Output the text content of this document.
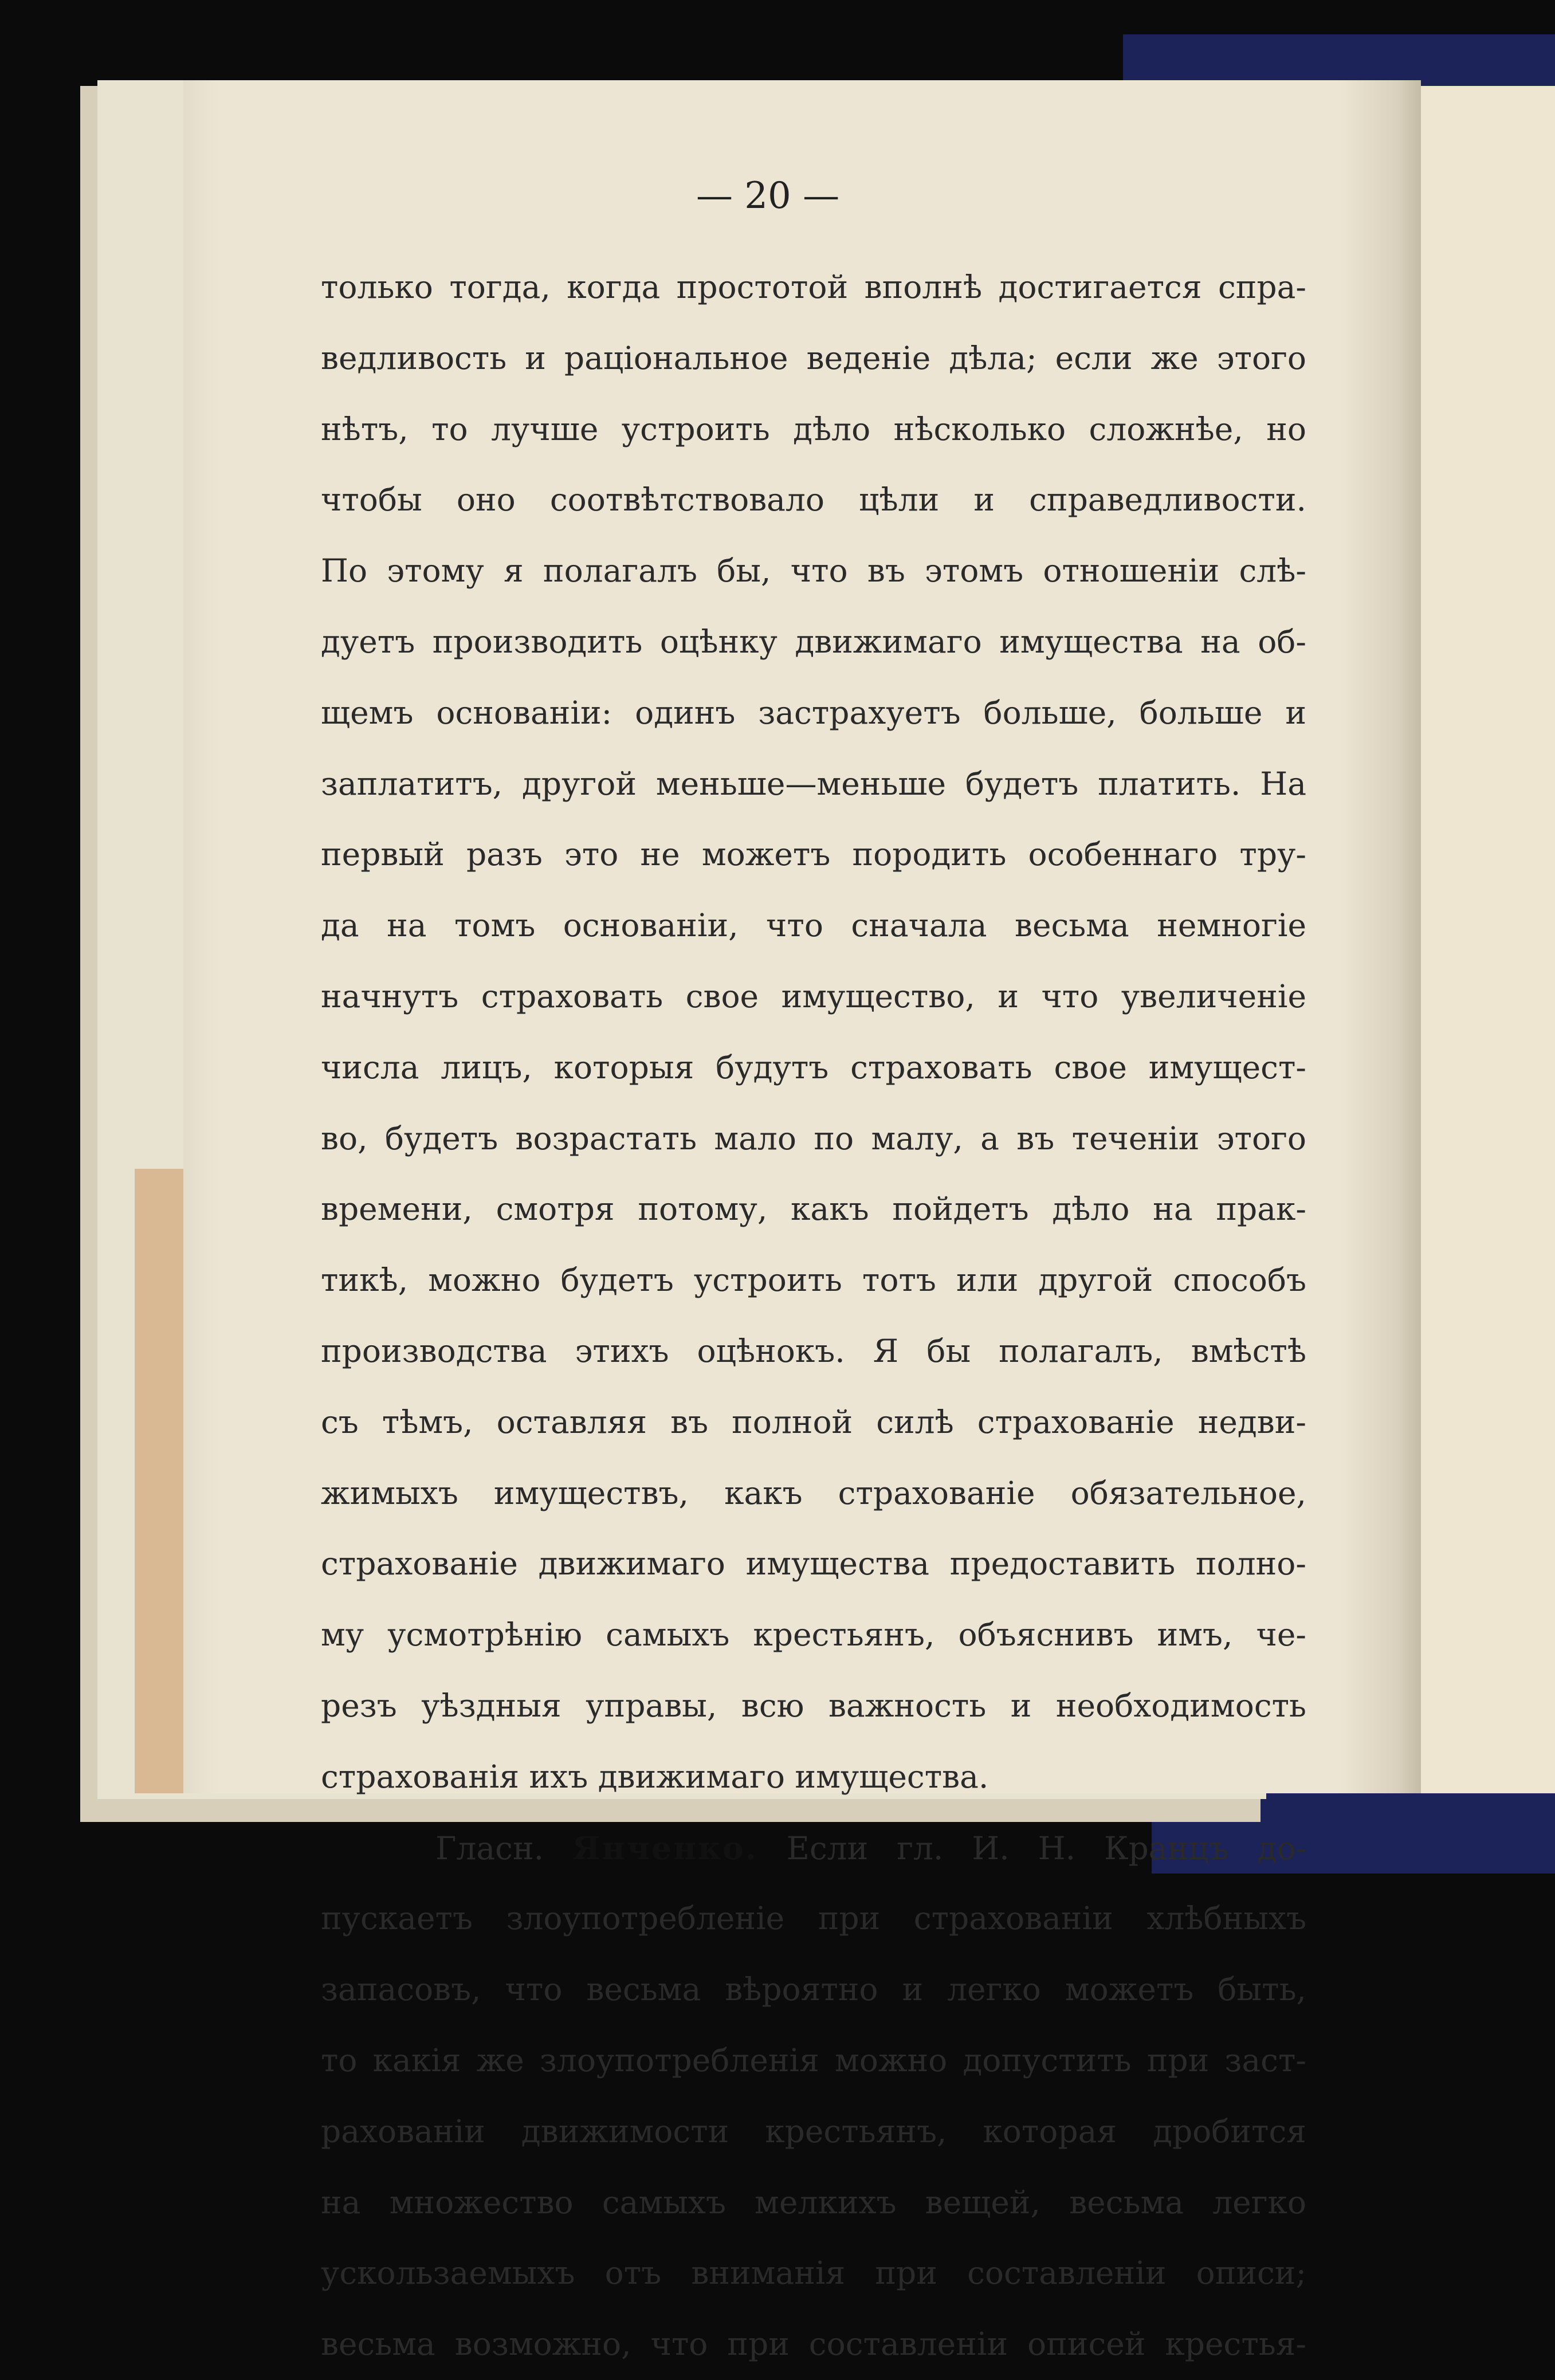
— 20 —
только тогда, когда простотой вполнѣ достигается спра-
ведливость и раціональное веденіе дѣла; если же этого
нѣтъ, то лучше устроить дѣло нѣсколько сложнѣе, но
чтобы оно соотвѣтствовало цѣли и справедливости.
По этому я полагалъ бы, что въ этомъ отношеніи слѣ-
дуетъ производить оцѣнку движимаго имущества на об-
щемъ основаніи: одинъ застрахуетъ больше, больше и
заплатитъ, другой меньше—меньше будетъ платить. На
первый разъ это не можетъ породить особеннаго тру-
да на томъ основаніи, что сначала весьма немногіе
начнутъ страховать свое имущество, и что увеличеніе
числа лицъ, которыя будутъ страховать свое имущест-
во, будетъ возрастать мало по малу, а въ теченіи этого
времени, смотря потому, какъ пойдетъ дѣло на прак-
тикѣ, можно будетъ устроить тотъ или другой способъ
производства этихъ оцѣнокъ. Я бы полагалъ, вмѣстѣ
съ тѣмъ, оставляя въ полной силѣ страхованіе недви-
жимыхъ имуществъ, какъ страхованіе обязательное,
страхованіе движимаго имущества предоставить полно-
му усмотрѣнію самыхъ крестьянъ, объяснивъ имъ, че-
резъ уѣздныя управы, всю важность и необходимость
страхованія ихъ движимаго имущества.
Гласн. Янченко. Если гл. И. Н. Кранцъ до-
пускаетъ злоупотребленіе при страхованіи хлѣбныхъ
запасовъ, что весьма вѣроятно и легко можетъ быть,
то какія же злоупотребленія можно допустить при заст-
рахованіи движимости крестьянъ, которая дробится
на множество самыхъ мелкихъ вещей, весьма легко
ускользаемыхъ отъ вниманія при составленіи описи;
весьма возможно, что при составленіи описей крестья-
